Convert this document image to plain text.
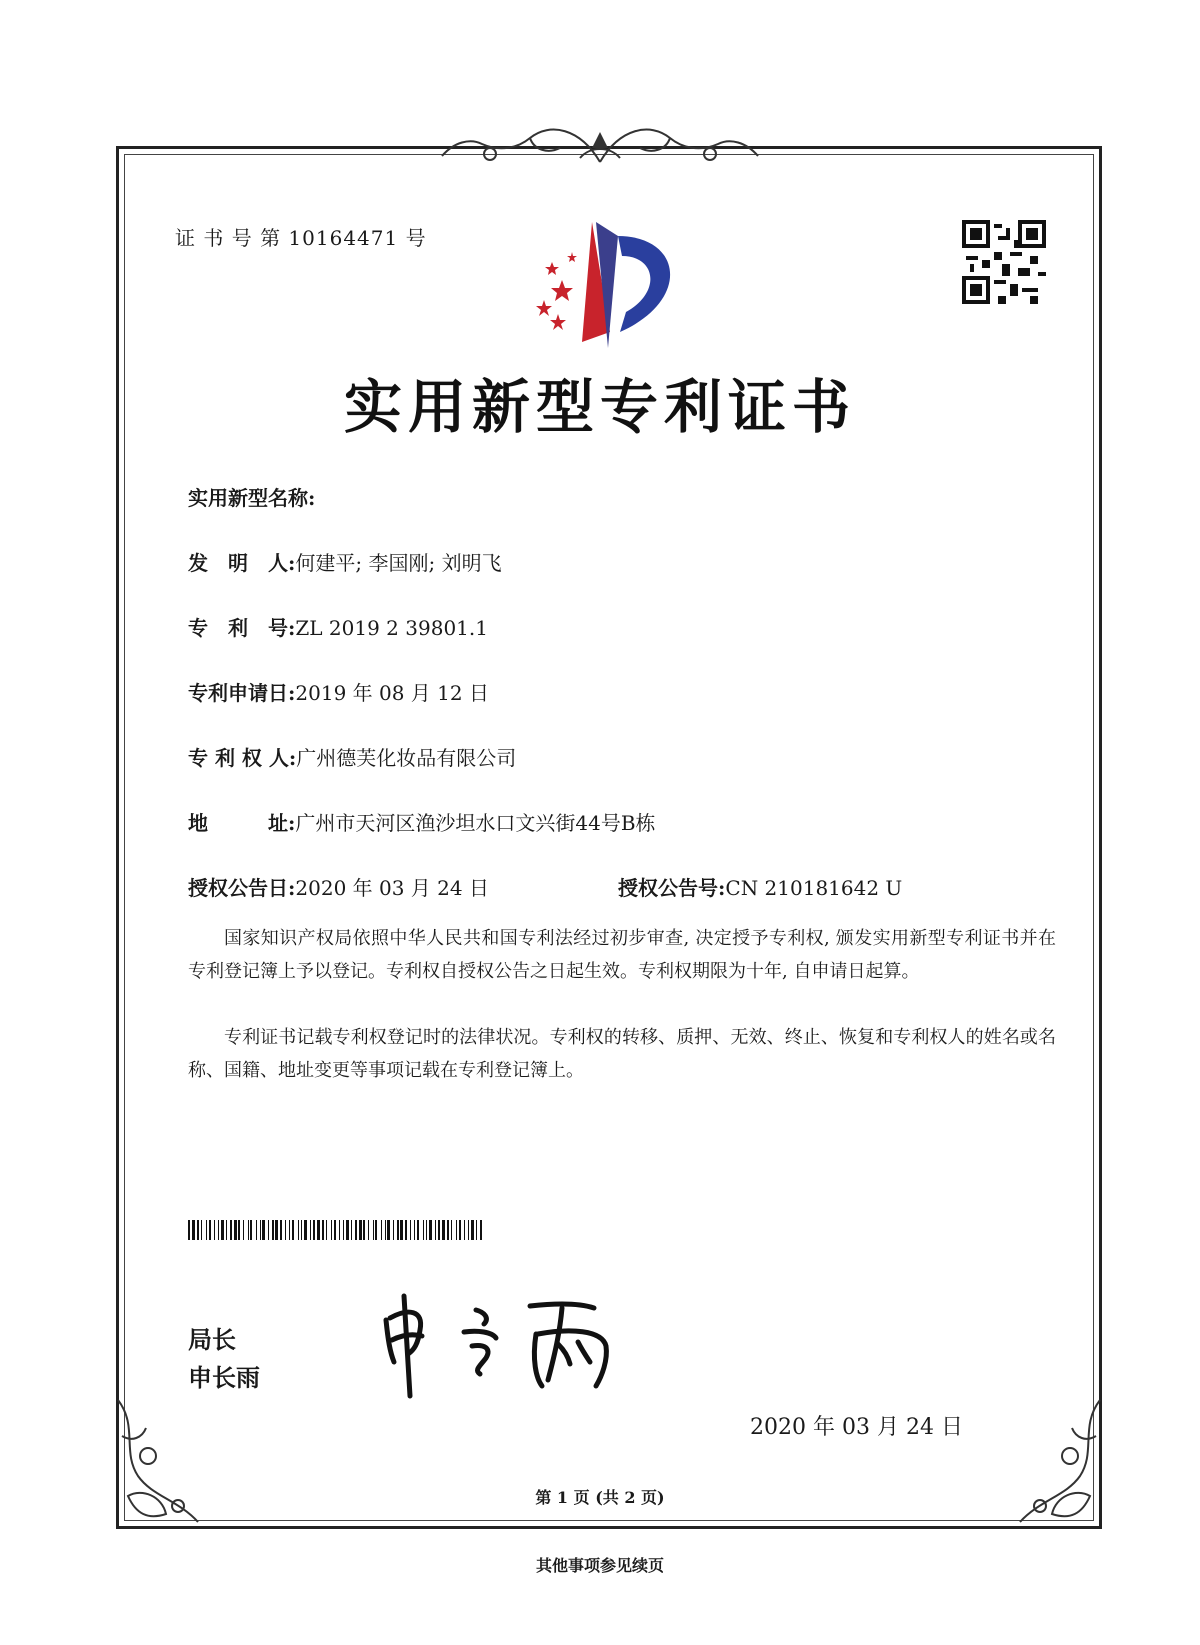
证 书 号 第 10164471 号
实用新型专利证书
实用新型名称:
发　明　人:何建平; 李国刚; 刘明飞
专　利　号:ZL 2019 2 39801.1
专利申请日:2019 年 08 月 12 日
专 利 权 人:广州德芙化妆品有限公司
地　　　址:广州市天河区渔沙坦水口文兴街44号B栋
授权公告日:2020 年 03 月 24 日	授权公告号:CN 210181642 U
国家知识产权局依照中华人民共和国专利法经过初步审查, 决定授予专利权, 颁发实用新型专利证书并在专利登记簿上予以登记。专利权自授权公告之日起生效。专利权期限为十年, 自申请日起算。
专利证书记载专利权登记时的法律状况。专利权的转移、质押、无效、终止、恢复和专利权人的姓名或名称、国籍、地址变更等事项记载在专利登记簿上。
局长
申长雨
2020 年 03 月 24 日
第 1 页 (共 2 页)
其他事项参见续页
